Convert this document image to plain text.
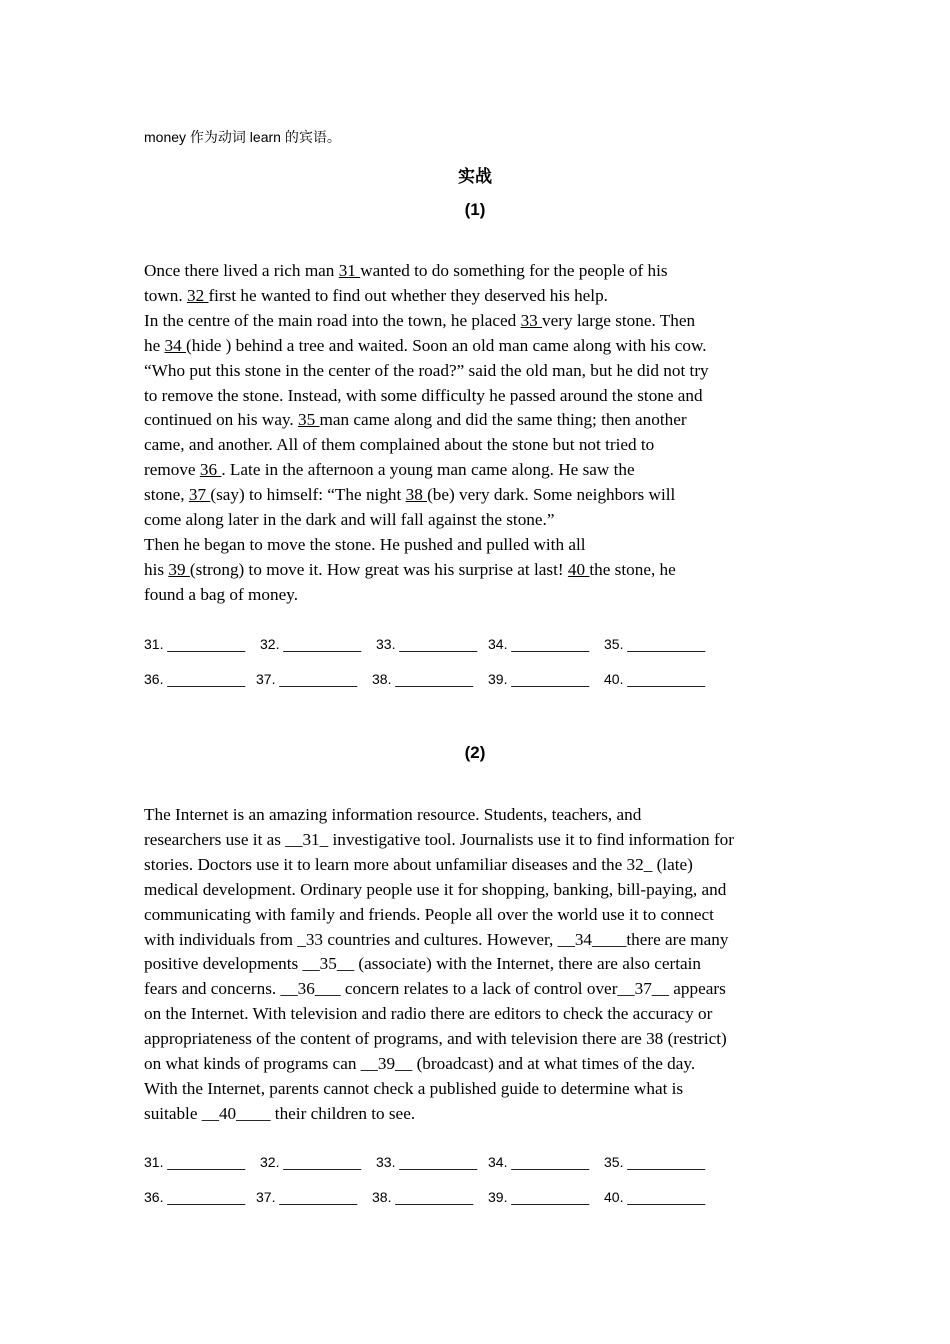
money 作为动词 learn 的宾语。
实战
(1)
Once there lived a rich man 31 wanted to do something for the people of his
town. 32 first he wanted to find out whether they deserved his help.
In the centre of the main road into the town, he placed 33 very large stone. Then
he 34 (hide ) behind a tree and waited. Soon an old man came along with his cow.
“Who put this stone in the center of the road?” said the old man, but he did not try
to remove the stone. Instead, with some difficulty he passed around the stone and
continued on his way. 35 man came along and did the same thing; then another
came, and another. All of them complained about the stone but not tried to
remove 36 . Late in the afternoon a young man came along. He saw the
stone, 37 (say) to himself: “The night 38 (be) very dark. Some neighbors will
come along later in the dark and will fall against the stone.”
Then he began to move the stone. He pushed and pulled with all
his 39 (strong) to move it. How great was his surprise at last! 40 the stone, he
found a bag of money.
31. __________ 32. __________ 33. __________ 34. __________ 35. __________
36. __________ 37. __________ 38. __________ 39. __________ 40. __________
(2)
The Internet is an amazing information resource. Students, teachers, and
researchers use it as __31_ investigative tool. Journalists use it to find information for
stories. Doctors use it to learn more about unfamiliar diseases and the 32_ (late)
medical development. Ordinary people use it for shopping, banking, bill-paying, and
communicating with family and friends. People all over the world use it to connect
with individuals from _33 countries and cultures. However, __34____there are many
positive developments __35__ (associate) with the Internet, there are also certain
fears and concerns. __36___ concern relates to a lack of control over__37__ appears
on the Internet. With television and radio there are editors to check the accuracy or
appropriateness of the content of programs, and with television there are 38 (restrict)
on what kinds of programs can __39__ (broadcast) and at what times of the day.
With the Internet, parents cannot check a published guide to determine what is
suitable __40____ their children to see.
31. __________ 32. __________ 33. __________ 34. __________ 35. __________
36. __________ 37. __________ 38. __________ 39. __________ 40. __________
